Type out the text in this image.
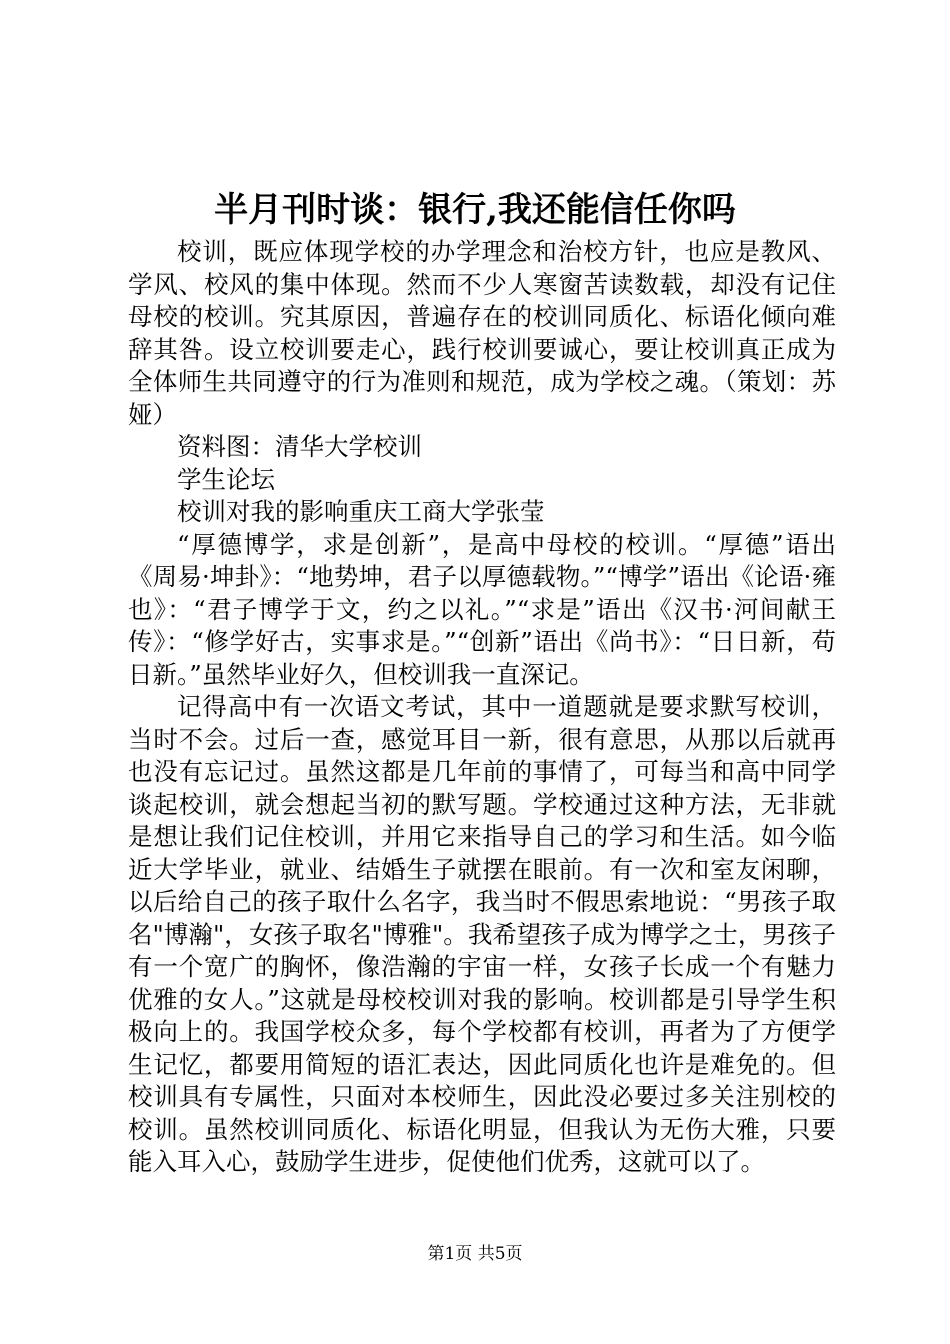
半月刊时谈：银行,我还能信任你吗

校训，既应体现学校的办学理念和治校方针，也应是教风、学风、校风的集中体现。然而不少人寒窗苦读数载，却没有记住母校的校训。究其原因，普遍存在的校训同质化、标语化倾向难辞其咎。设立校训要走心，践行校训要诚心，要让校训真正成为全体师生共同遵守的行为准则和规范，成为学校之魂。（策划：苏娅）

资料图：清华大学校训

学生论坛

校训对我的影响重庆工商大学张莹

“厚德博学，求是创新”，是高中母校的校训。“厚德”语出《周易·坤卦》：“地势坤，君子以厚德载物。”“博学”语出《论语·雍也》：“君子博学于文，约之以礼。”“求是”语出《汉书·河间献王传》：“修学好古，实事求是。”“创新”语出《尚书》：“日日新，苟日新。”虽然毕业好久，但校训我一直深记。

记得高中有一次语文考试，其中一道题就是要求默写校训，当时不会。过后一查，感觉耳目一新，很有意思，从那以后就再也没有忘记过。虽然这都是几年前的事情了，可每当和高中同学谈起校训，就会想起当初的默写题。学校通过这种方法，无非就是想让我们记住校训，并用它来指导自己的学习和生活。如今临近大学毕业，就业、结婚生子就摆在眼前。有一次和室友闲聊，以后给自己的孩子取什么名字，我当时不假思索地说：“男孩子取名"博瀚"，女孩子取名"博雅"。我希望孩子成为博学之士，男孩子有一个宽广的胸怀，像浩瀚的宇宙一样，女孩子长成一个有魅力优雅的女人。”这就是母校校训对我的影响。校训都是引导学生积极向上的。我国学校众多，每个学校都有校训，再者为了方便学生记忆，都要用简短的语汇表达，因此同质化也许是难免的。但校训具有专属性，只面对本校师生，因此没必要过多关注别校的校训。虽然校训同质化、标语化明显，但我认为无伤大雅，只要能入耳入心，鼓励学生进步，促使他们优秀，这就可以了。

第1页 共5页
